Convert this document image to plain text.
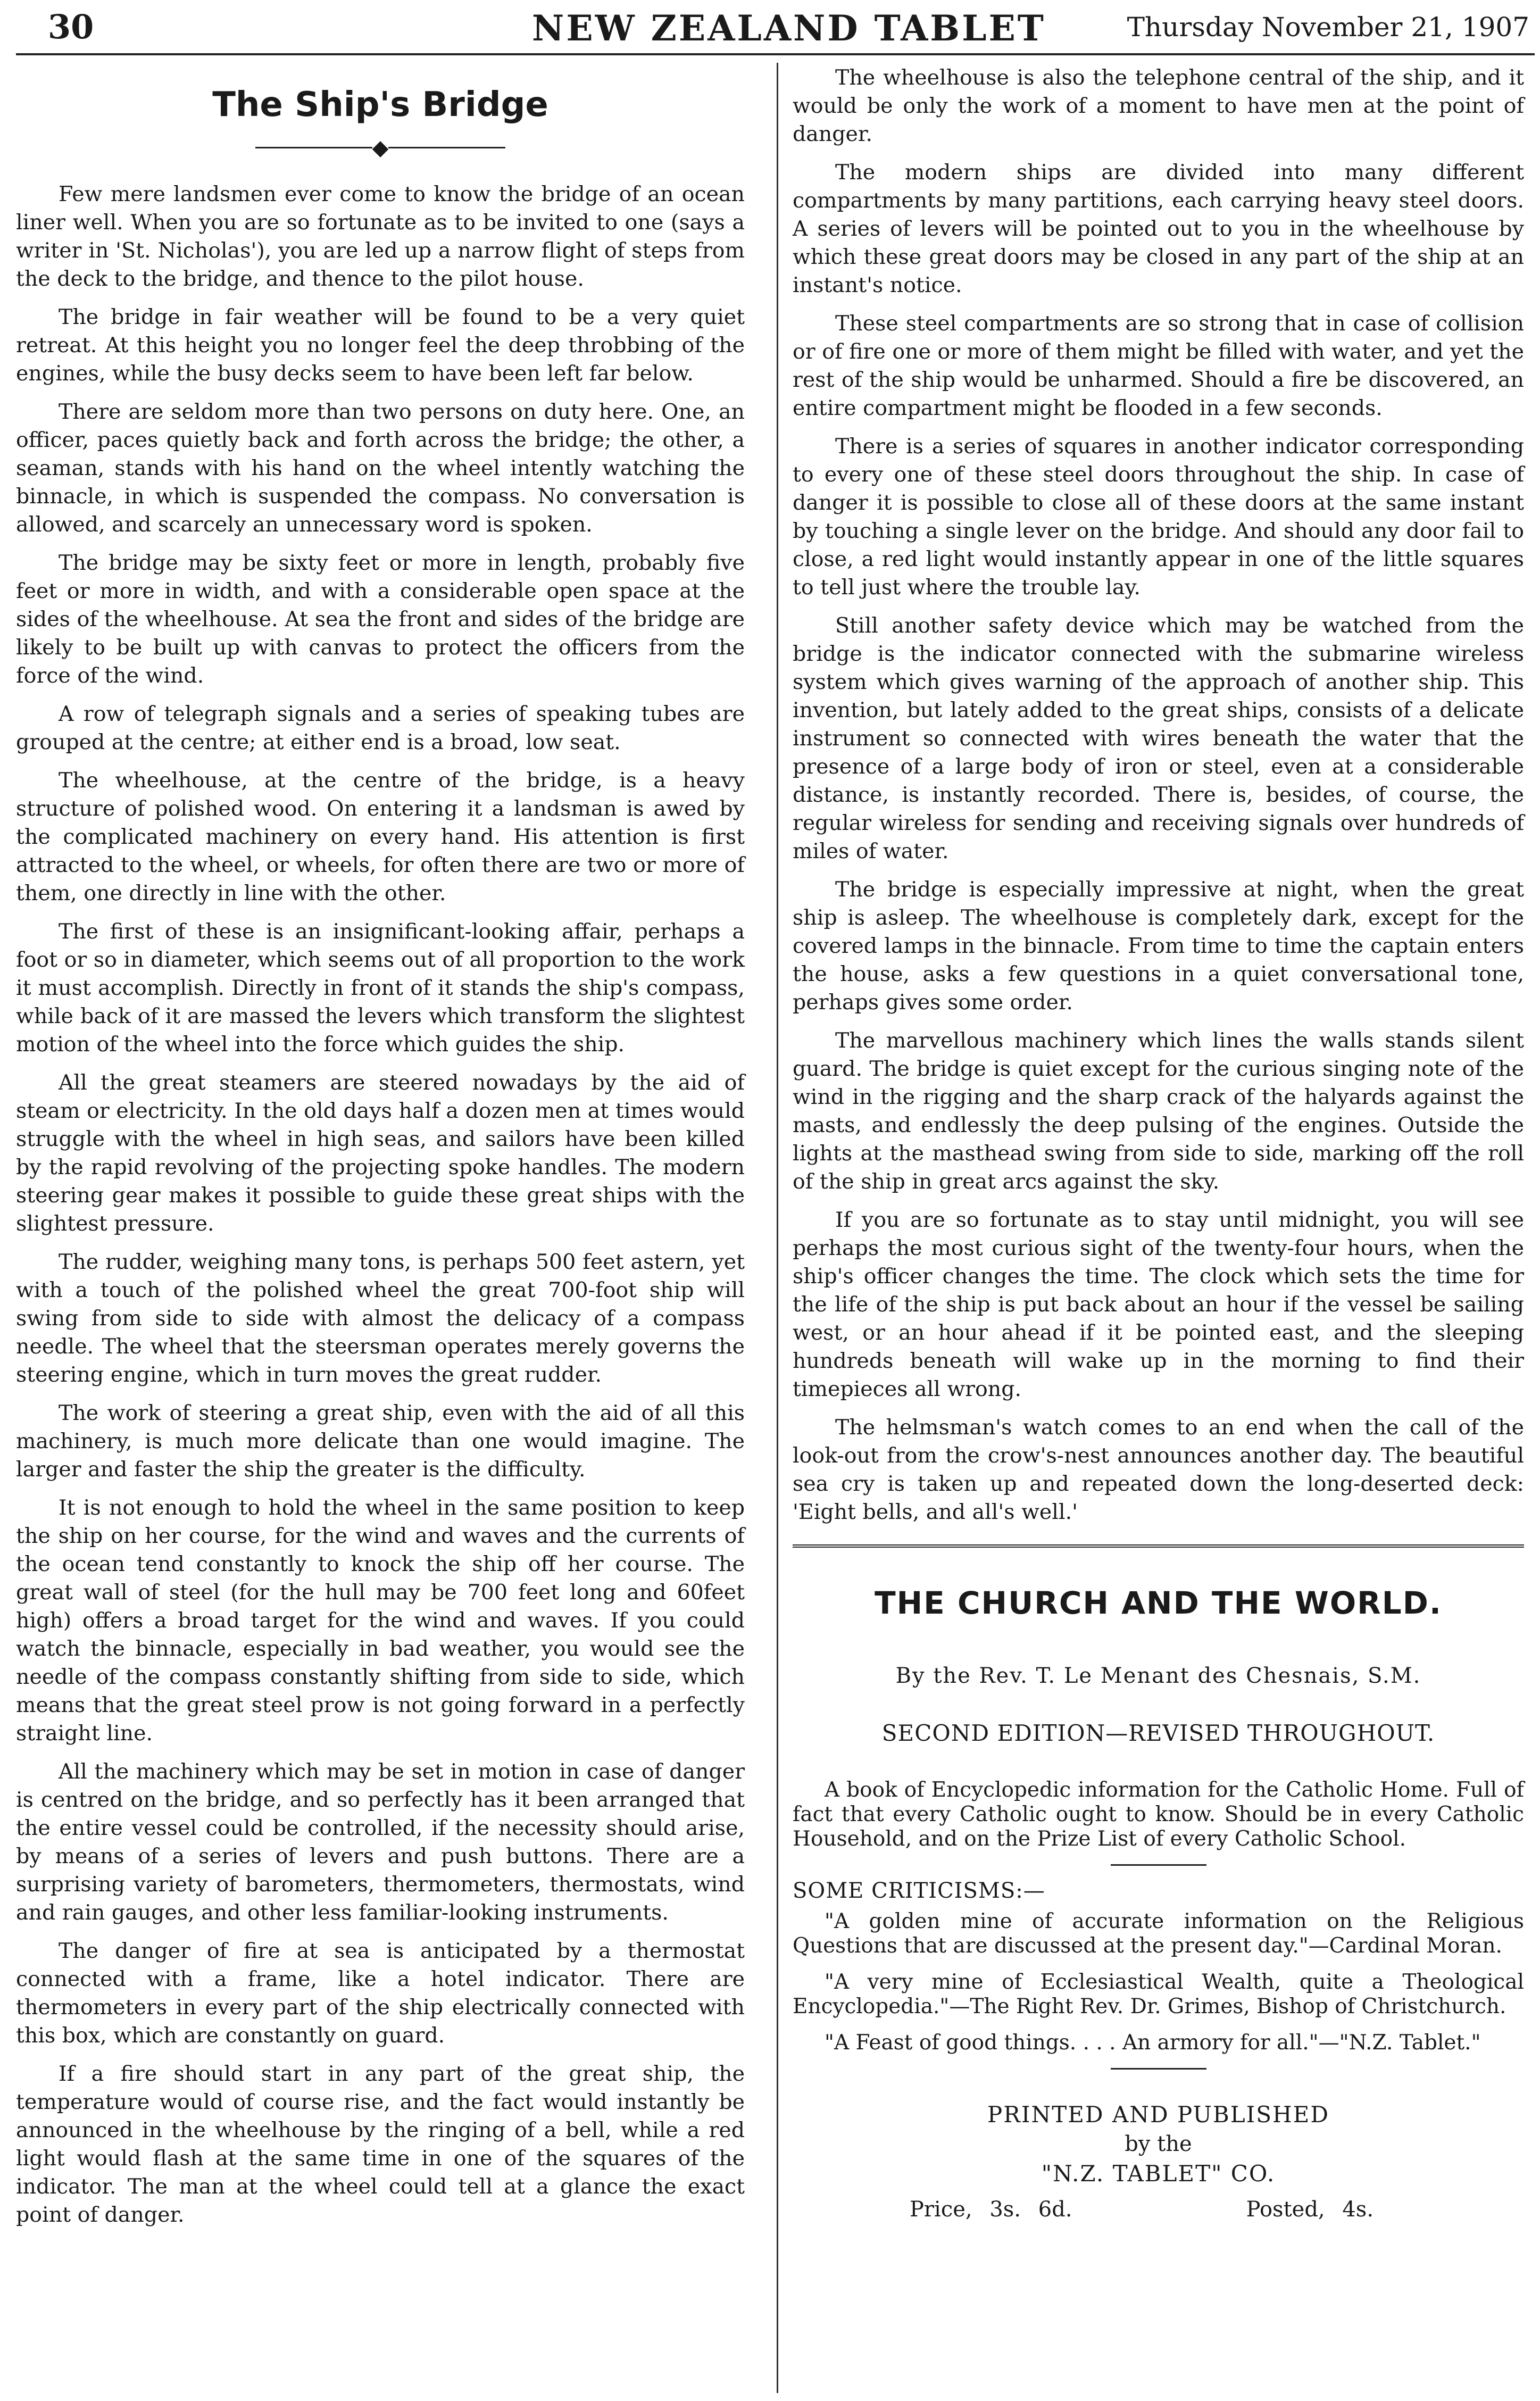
30	NEW ZEALAND TABLET	Thursday November 21, 1907
The Ship's Bridge
◆

Few mere landsmen ever come to know the bridge of an ocean liner well. When you are so fortunate as to be invited to one (says a writer in 'St. Nicholas'), you are led up a narrow flight of steps from the deck to the bridge, and thence to the pilot house.

The bridge in fair weather will be found to be a very quiet retreat. At this height you no longer feel the deep throbbing of the engines, while the busy decks seem to have been left far below.

There are seldom more than two persons on duty here. One, an officer, paces quietly back and forth across the bridge; the other, a seaman, stands with his hand on the wheel intently watching the binnacle, in which is suspended the compass. No conversation is allowed, and scarcely an unnecessary word is spoken.

The bridge may be sixty feet or more in length, probably five feet or more in width, and with a considerable open space at the sides of the wheelhouse. At sea the front and sides of the bridge are likely to be built up with canvas to protect the officers from the force of the wind.

A row of telegraph signals and a series of speaking tubes are grouped at the centre; at either end is a broad, low seat.

The wheelhouse, at the centre of the bridge, is a heavy structure of polished wood. On entering it a landsman is awed by the complicated machinery on every hand. His attention is first attracted to the wheel, or wheels, for often there are two or more of them, one directly in line with the other.

The first of these is an insignificant-looking affair, perhaps a foot or so in diameter, which seems out of all proportion to the work it must accomplish. Directly in front of it stands the ship's compass, while back of it are massed the levers which transform the slightest motion of the wheel into the force which guides the ship.

All the great steamers are steered nowadays by the aid of steam or electricity. In the old days half a dozen men at times would struggle with the wheel in high seas, and sailors have been killed by the rapid revolving of the projecting spoke handles. The modern steering gear makes it possible to guide these great ships with the slightest pressure.

The rudder, weighing many tons, is perhaps 500 feet astern, yet with a touch of the polished wheel the great 700-foot ship will swing from side to side with almost the delicacy of a compass needle. The wheel that the steersman operates merely governs the steering engine, which in turn moves the great rudder.

The work of steering a great ship, even with the aid of all this machinery, is much more delicate than one would imagine. The larger and faster the ship the greater is the difficulty.

It is not enough to hold the wheel in the same position to keep the ship on her course, for the wind and waves and the currents of the ocean tend constantly to knock the ship off her course. The great wall of steel (for the hull may be 700 feet long and 60feet high) offers a broad target for the wind and waves. If you could watch the binnacle, especially in bad weather, you would see the needle of the compass constantly shifting from side to side, which means that the great steel prow is not going forward in a perfectly straight line.

All the machinery which may be set in motion in case of danger is centred on the bridge, and so perfectly has it been arranged that the entire vessel could be controlled, if the necessity should arise, by means of a series of levers and push buttons. There are a surprising variety of barometers, thermometers, thermostats, wind and rain gauges, and other less familiar-looking instruments.

The danger of fire at sea is anticipated by a thermostat connected with a frame, like a hotel indicator. There are thermometers in every part of the ship electrically connected with this box, which are constantly on guard.

If a fire should start in any part of the great ship, the temperature would of course rise, and the fact would instantly be announced in the wheelhouse by the ringing of a bell, while a red light would flash at the same time in one of the squares of the indicator. The man at the wheel could tell at a glance the exact point of danger.

The wheelhouse is also the telephone central of the ship, and it would be only the work of a moment to have men at the point of danger.

The modern ships are divided into many different compartments by many partitions, each carrying heavy steel doors. A series of levers will be pointed out to you in the wheelhouse by which these great doors may be closed in any part of the ship at an instant's notice.

These steel compartments are so strong that in case of collision or of fire one or more of them might be filled with water, and yet the rest of the ship would be unharmed. Should a fire be discovered, an entire compartment might be flooded in a few seconds.

There is a series of squares in another indicator corresponding to every one of these steel doors throughout the ship. In case of danger it is possible to close all of these doors at the same instant by touching a single lever on the bridge. And should any door fail to close, a red light would instantly appear in one of the little squares to tell just where the trouble lay.

Still another safety device which may be watched from the bridge is the indicator connected with the submarine wireless system which gives warning of the approach of another ship. This invention, but lately added to the great ships, consists of a delicate instrument so connected with wires beneath the water that the presence of a large body of iron or steel, even at a considerable distance, is instantly recorded. There is, besides, of course, the regular wireless for sending and receiving signals over hundreds of miles of water.

The bridge is especially impressive at night, when the great ship is asleep. The wheelhouse is completely dark, except for the covered lamps in the binnacle. From time to time the captain enters the house, asks a few questions in a quiet conversational tone, perhaps gives some order.

The marvellous machinery which lines the walls stands silent guard. The bridge is quiet except for the curious singing note of the wind in the rigging and the sharp crack of the halyards against the masts, and endlessly the deep pulsing of the engines. Outside the lights at the masthead swing from side to side, marking off the roll of the ship in great arcs against the sky.

If you are so fortunate as to stay until midnight, you will see perhaps the most curious sight of the twenty-four hours, when the ship's officer changes the time. The clock which sets the time for the life of the ship is put back about an hour if the vessel be sailing west, or an hour ahead if it be pointed east, and the sleeping hundreds beneath will wake up in the morning to find their timepieces all wrong.

The helmsman's watch comes to an end when the call of the look-out from the crow's-nest announces another day. The beautiful sea cry is taken up and repeated down the long-deserted deck: 'Eight bells, and all's well.'

THE CHURCH AND THE WORLD.
By the Rev. T. Le Menant des Chesnais, S.M.
SECOND EDITION—REVISED THROUGHOUT.

A book of Encyclopedic information for the Catholic Home. Full of fact that every Catholic ought to know. Should be in every Catholic Household, and on the Prize List of every Catholic School.

SOME CRITICISMS:—

"A golden mine of accurate information on the Religious Questions that are discussed at the present day."—Cardinal Moran.

"A very mine of Ecclesiastical Wealth, quite a Theological Encyclopedia."—The Right Rev. Dr. Grimes, Bishop of Christchurch.

"A Feast of good things. . . . An armory for all."—"N.Z. Tablet."

PRINTED AND PUBLISHED
by the
"N.Z. TABLET" CO.
Price, 3s. 6d.	Posted, 4s.
